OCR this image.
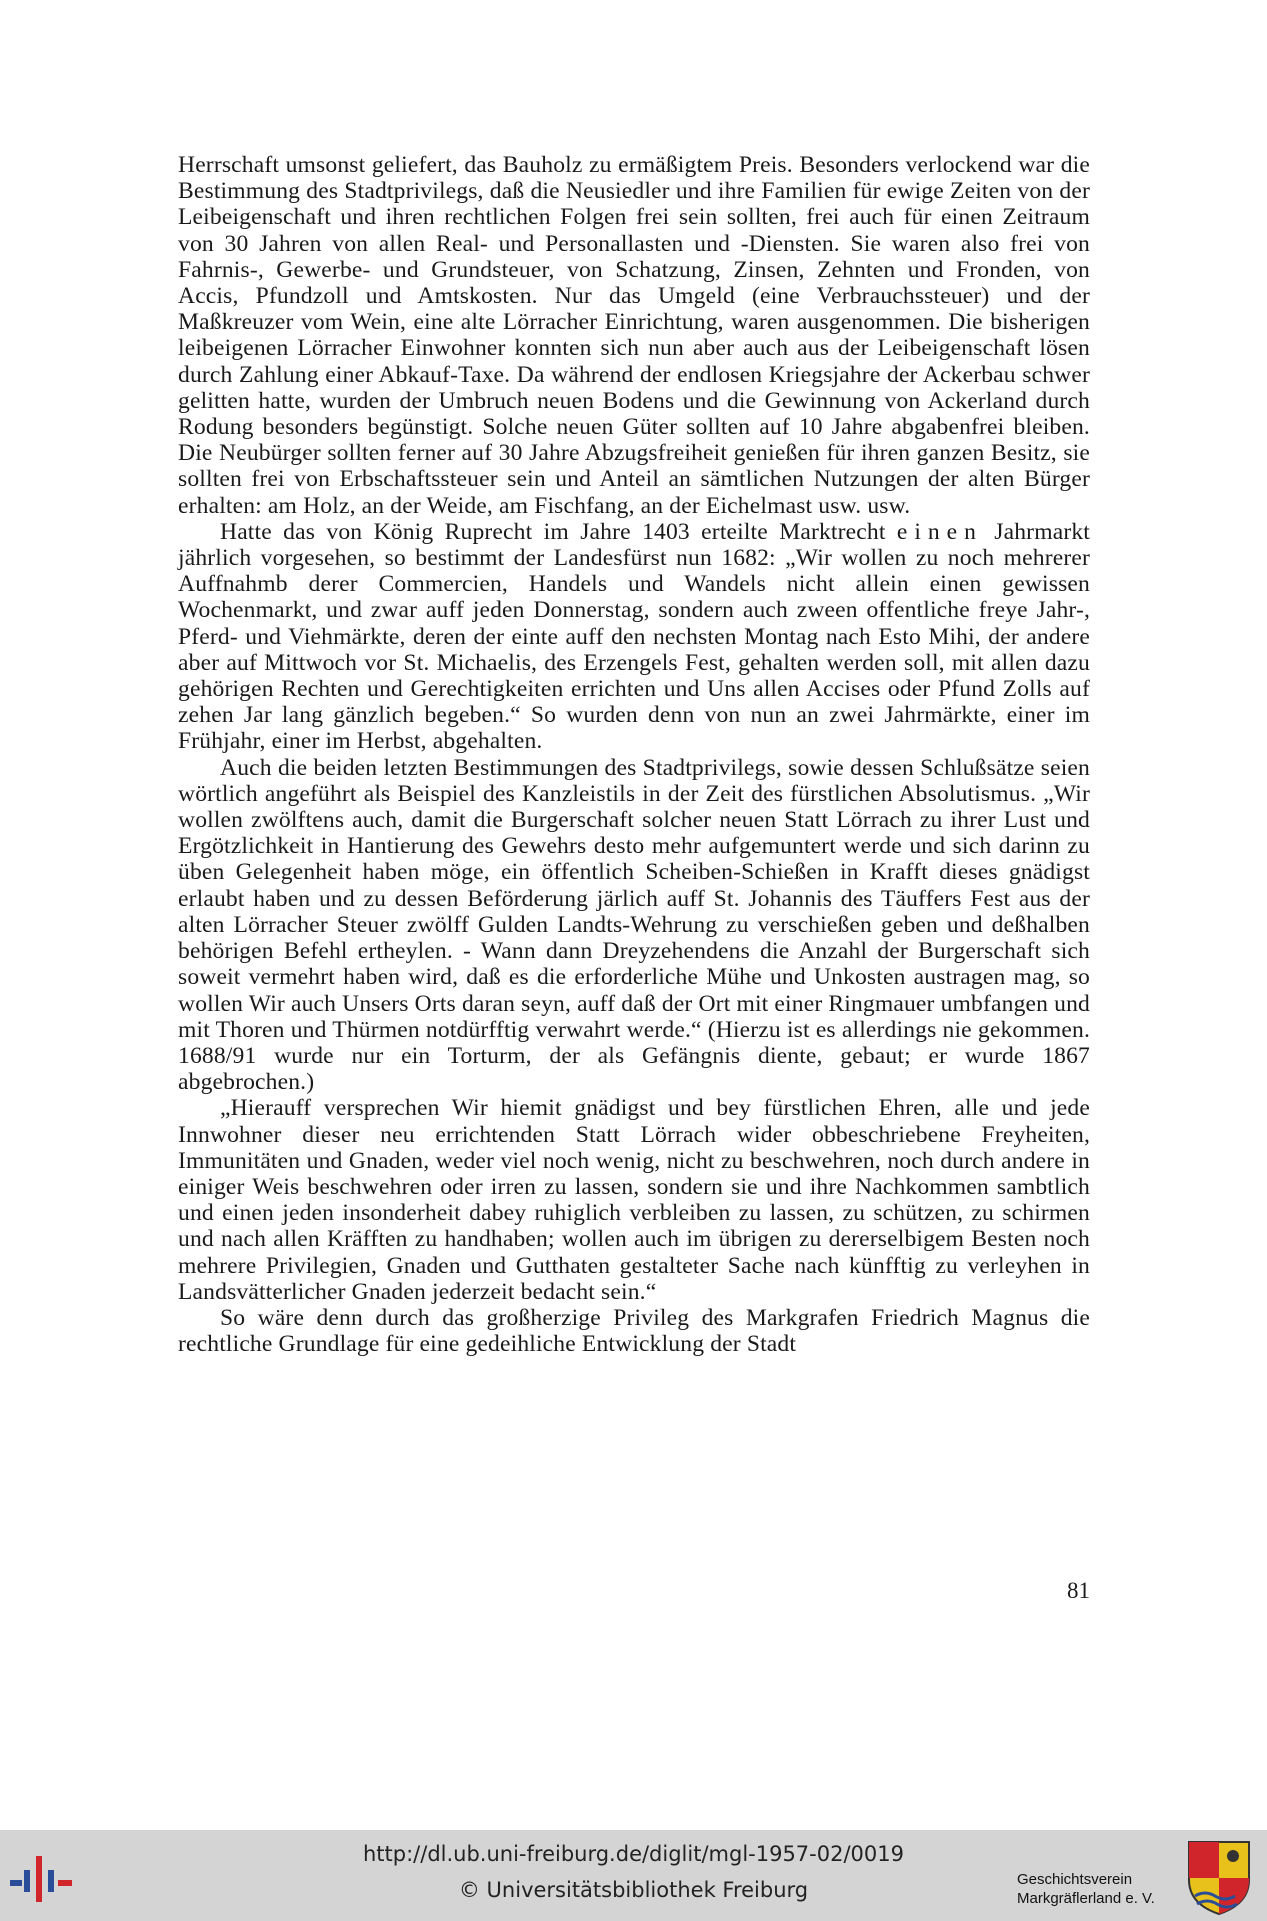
Herrschaft umsonst geliefert, das Bauholz zu ermäßigtem Preis. Besonders verlockend war die Bestimmung des Stadtprivilegs, daß die Neusiedler und ihre Familien für ewige Zeiten von der Leibeigenschaft und ihren rechtlichen Folgen frei sein sollten, frei auch für einen Zeitraum von 30 Jahren von allen Real- und Personallasten und -Diensten. Sie waren also frei von Fahrnis-, Gewerbe- und Grundsteuer, von Schatzung, Zinsen, Zehnten und Fronden, von Accis, Pfundzoll und Amtskosten. Nur das Umgeld (eine Verbrauchssteuer) und der Maßkreuzer vom Wein, eine alte Lörracher Einrichtung, waren ausgenommen. Die bisherigen leibeigenen Lörracher Einwohner konnten sich nun aber auch aus der Leibeigenschaft lösen durch Zahlung einer Abkauf-Taxe. Da während der endlosen Kriegsjahre der Ackerbau schwer gelitten hatte, wurden der Umbruch neuen Bodens und die Gewinnung von Ackerland durch Rodung besonders begünstigt. Solche neuen Güter sollten auf 10 Jahre abgabenfrei bleiben. Die Neubürger sollten ferner auf 30 Jahre Abzugsfreiheit genießen für ihren ganzen Besitz, sie sollten frei von Erbschaftssteuer sein und Anteil an sämtlichen Nutzungen der alten Bürger erhalten: am Holz, an der Weide, am Fischfang, an der Eichelmast usw. usw.

Hatte das von König Ruprecht im Jahre 1403 erteilte Marktrecht einen Jahrmarkt jährlich vorgesehen, so bestimmt der Landesfürst nun 1682: „Wir wollen zu noch mehrerer Auffnahmb derer Commercien, Handels und Wandels nicht allein einen gewissen Wochenmarkt, und zwar auff jeden Donnerstag, sondern auch zween offentliche freye Jahr-, Pferd- und Viehmärkte, deren der einte auff den nechsten Montag nach Esto Mihi, der andere aber auf Mittwoch vor St. Michaelis, des Erzengels Fest, gehalten werden soll, mit allen dazu gehörigen Rechten und Gerechtigkeiten errichten und Uns allen Accises oder Pfund Zolls auf zehen Jar lang gänzlich begeben.“ So wurden denn von nun an zwei Jahrmärkte, einer im Frühjahr, einer im Herbst, abgehalten.

Auch die beiden letzten Bestimmungen des Stadtprivilegs, sowie dessen Schlußsätze seien wörtlich angeführt als Beispiel des Kanzleistils in der Zeit des fürstlichen Absolutismus. „Wir wollen zwölftens auch, damit die Burgerschaft solcher neuen Statt Lörrach zu ihrer Lust und Ergötzlichkeit in Hantierung des Gewehrs desto mehr aufgemuntert werde und sich darinn zu üben Gelegenheit haben möge, ein öffentlich Scheiben-Schießen in Krafft dieses gnädigst erlaubt haben und zu dessen Beförderung järlich auff St. Johannis des Täuffers Fest aus der alten Lörracher Steuer zwölff Gulden Landts-Wehrung zu verschießen geben und deßhalben behörigen Befehl ertheylen. - Wann dann Dreyzehendens die Anzahl der Burgerschaft sich soweit vermehrt haben wird, daß es die erforderliche Mühe und Unkosten austragen mag, so wollen Wir auch Unsers Orts daran seyn, auff daß der Ort mit einer Ringmauer umbfangen und mit Thoren und Thürmen notdürfftig verwahrt werde.“ (Hierzu ist es allerdings nie gekommen. 1688/91 wurde nur ein Torturm, der als Gefängnis diente, gebaut; er wurde 1867 abgebrochen.)

„Hierauff versprechen Wir hiemit gnädigst und bey fürstlichen Ehren, alle und jede Innwohner dieser neu errichtenden Statt Lörrach wider obbeschriebene Freyheiten, Immunitäten und Gnaden, weder viel noch wenig, nicht zu beschwehren, noch durch andere in einiger Weis beschwehren oder irren zu lassen, sondern sie und ihre Nachkommen sambtlich und einen jeden insonderheit dabey ruhiglich verbleiben zu lassen, zu schützen, zu schirmen und nach allen Kräfften zu handhaben; wollen auch im übrigen zu dererselbigem Besten noch mehrere Privilegien, Gnaden und Gutthaten gestalteter Sache nach künfftig zu verleyhen in Landsvätterlicher Gnaden jederzeit bedacht sein.“

So wäre denn durch das großherzige Privileg des Markgrafen Friedrich Magnus die rechtliche Grundlage für eine gedeihliche Entwicklung der Stadt

81
http://dl.ub.uni-freiburg.de/diglit/mgl-1957-02/0019
© Universitätsbibliothek Freiburg	Geschichtsverein
Markgräflerland e. V.
